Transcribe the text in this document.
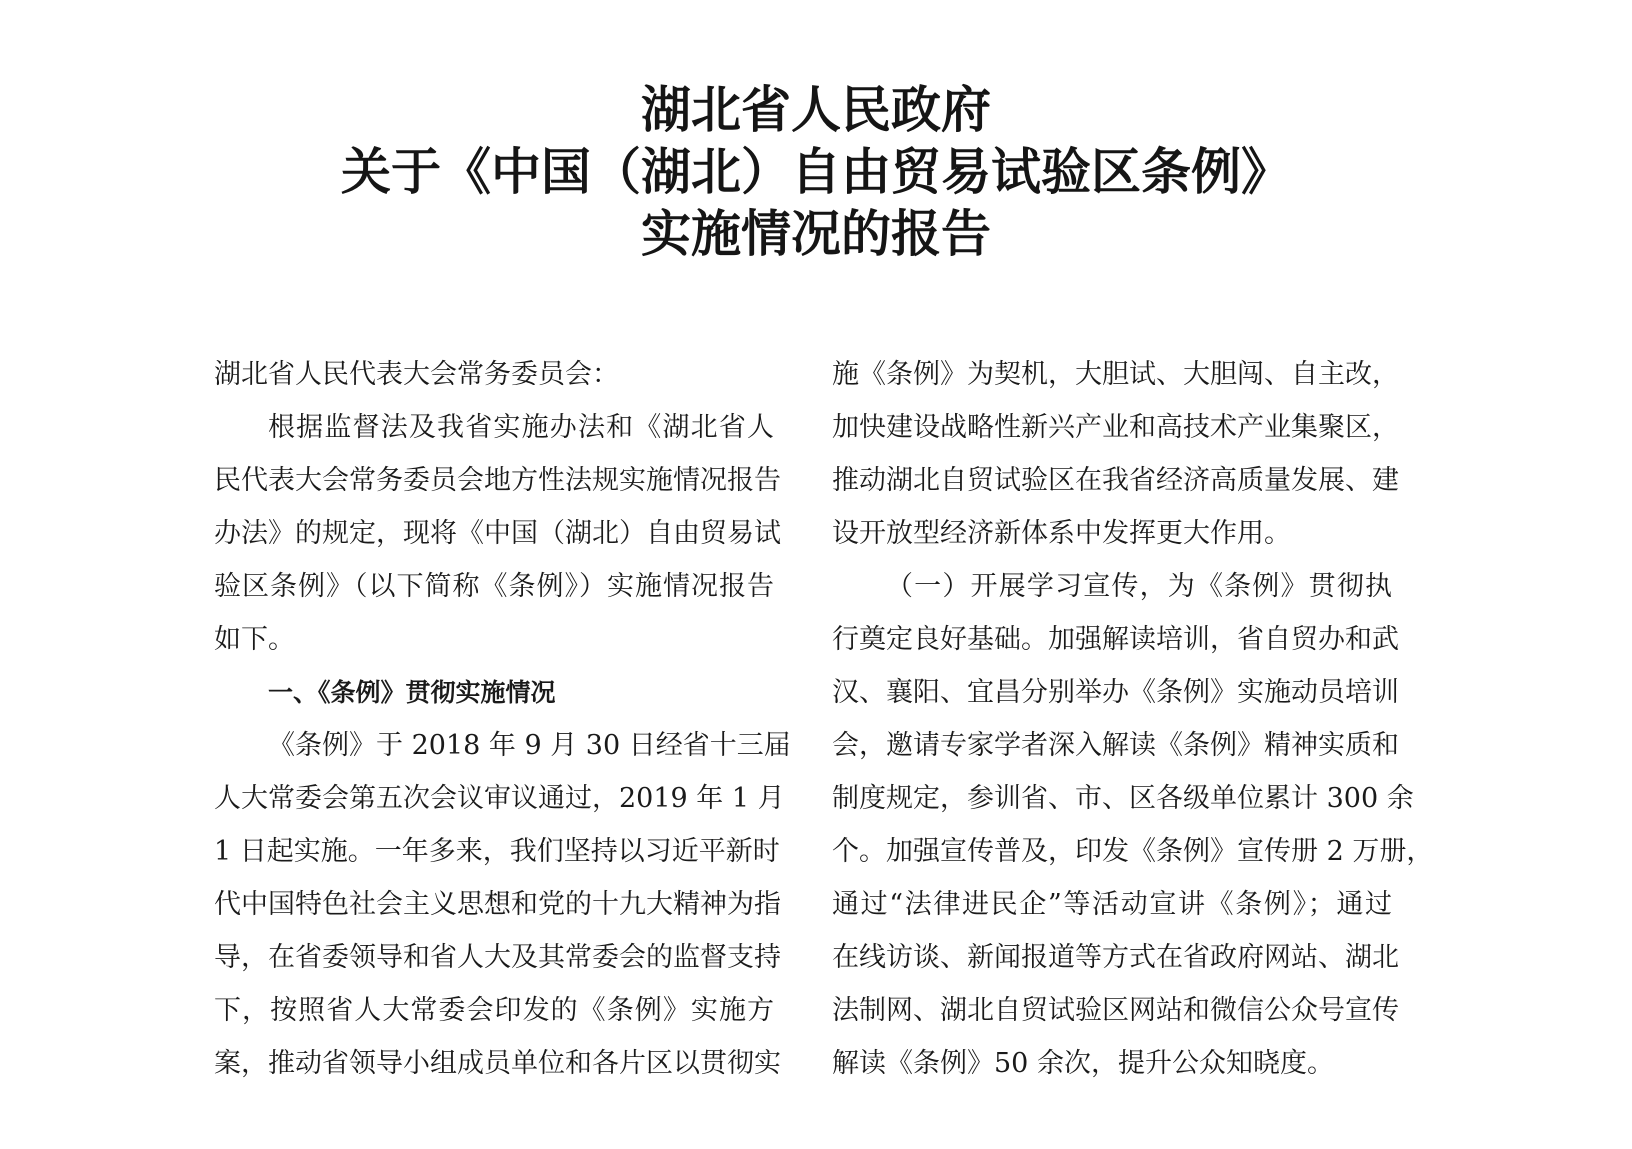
湖北省人民政府
关于《中国（湖北）自由贸易试验区条例》
实施情况的报告
湖北省人民代表大会常务委员会：
根据监督法及我省实施办法和《湖北省人
民代表大会常务委员会地方性法规实施情况报告
办法》的规定，现将《中国（湖北）自由贸易试
验区条例》（以下简称《条例》）实施情况报告
如下。
一、《条例》贯彻实施情况
《条例》于 2018 年 9 月 30 日经省十三届
人大常委会第五次会议审议通过，2019 年 1 月
1 日起实施。一年多来，我们坚持以习近平新时
代中国特色社会主义思想和党的十九大精神为指
导，在省委领导和省人大及其常委会的监督支持
下，按照省人大常委会印发的《条例》实施方
案，推动省领导小组成员单位和各片区以贯彻实
施《条例》为契机，大胆试、大胆闯、自主改，
加快建设战略性新兴产业和高技术产业集聚区，
推动湖北自贸试验区在我省经济高质量发展、建
设开放型经济新体系中发挥更大作用。
（一）开展学习宣传，为《条例》贯彻执
行奠定良好基础。加强解读培训，省自贸办和武
汉、襄阳、宜昌分别举办《条例》实施动员培训
会，邀请专家学者深入解读《条例》精神实质和
制度规定，参训省、市、区各级单位累计 300 余
个。加强宣传普及，印发《条例》宣传册 2 万册，
通过“法律进民企”等活动宣讲《条例》；通过
在线访谈、新闻报道等方式在省政府网站、湖北
法制网、湖北自贸试验区网站和微信公众号宣传
解读《条例》50 余次，提升公众知晓度。
